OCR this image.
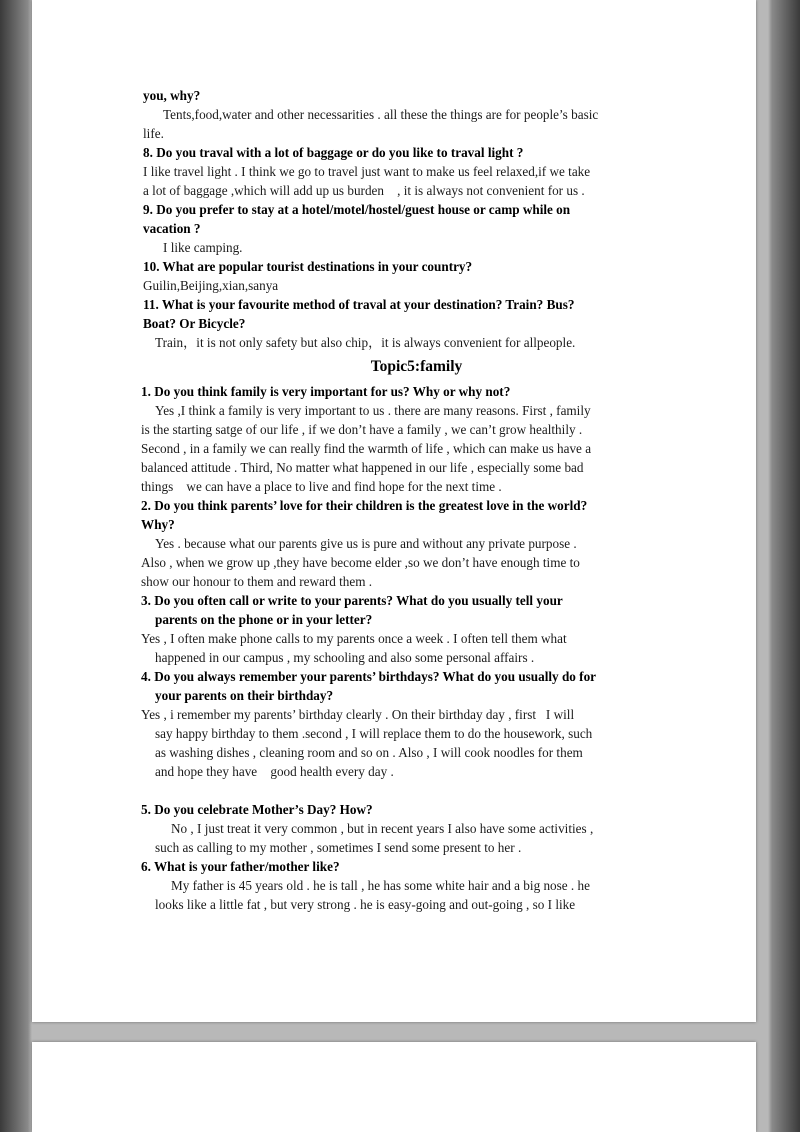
you, why?
Tents,food,water and other necessarities . all these the things are for people’s basic
life.
8. Do you traval with a lot of baggage or do you like to traval light ?
I like travel light . I think we go to travel just want to make us feel relaxed,if we take
a lot of baggage ,which will add up us burden    , it is always not convenient for us .
9. Do you prefer to stay at a hotel/motel/hostel/guest house or camp while on
vacation ?
I like camping.
10. What are popular tourist destinations in your country?
Guilin,Beijing,xian,sanya
11. What is your favourite method of traval at your destination? Train? Bus?
Boat? Or Bicycle?
Train，it is not only safety but also chip，it is always convenient for allpeople.
Topic5:family
1. Do you think family is very important for us? Why or why not?
Yes ,I think a family is very important to us . there are many reasons. First , family
is the starting satge of our life , if we don’t have a family , we can’t grow healthily .
Second , in a family we can really find the warmth of life , which can make us have a
balanced attitude . Third, No matter what happened in our life , especially some bad
things    we can have a place to live and find hope for the next time .
2. Do you think parents’ love for their children is the greatest love in the world?
Why?
Yes . because what our parents give us is pure and without any private purpose .
Also , when we grow up ,they have become elder ,so we don’t have enough time to
show our honour to them and reward them .
3. Do you often call or write to your parents? What do you usually tell your
parents on the phone or in your letter?
Yes , I often make phone calls to my parents once a week . I often tell them what
happened in our campus , my schooling and also some personal affairs .
4. Do you always remember your parents’ birthdays? What do you usually do for
your parents on their birthday?
Yes , i remember my parents’ birthday clearly . On their birthday day , first   I will
say happy birthday to them .second , I will replace them to do the housework, such
as washing dishes , cleaning room and so on . Also , I will cook noodles for them
and hope they have    good health every day .
5. Do you celebrate Mother’s Day? How?
No , I just treat it very common , but in recent years I also have some activities ,
such as calling to my mother , sometimes I send some present to her .
6. What is your father/mother like?
My father is 45 years old . he is tall , he has some white hair and a big nose . he
looks like a little fat , but very strong . he is easy-going and out-going , so I like
